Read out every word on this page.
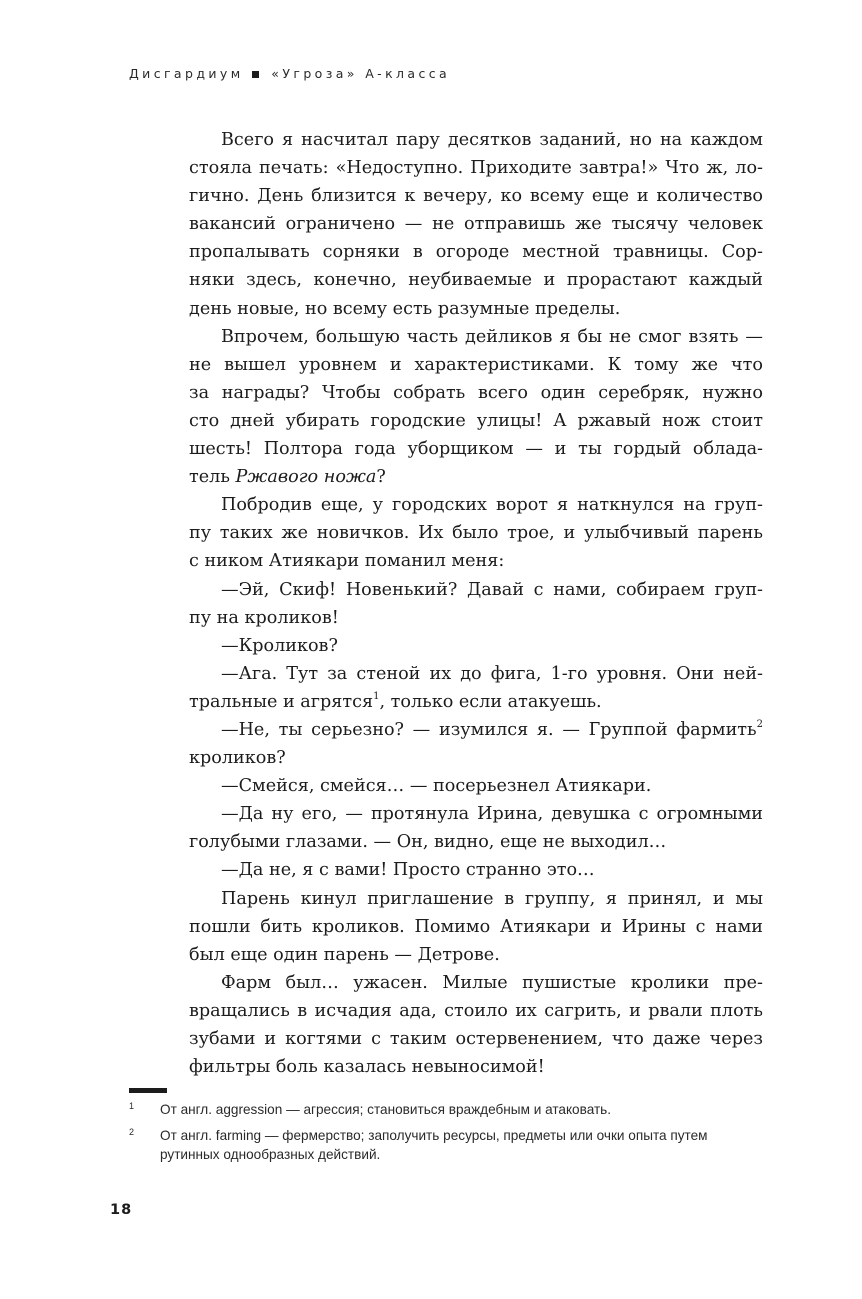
Дисгардиум «Угроза» А-класса
Всего я насчитал пару десятков заданий, но на каждом
стояла печать: «Недоступно. Приходите завтра!» Что ж, ло-
гично. День близится к вечеру, ко всему еще и количество
вакансий ограничено — не отправишь же тысячу человек
пропалывать сорняки в огороде местной травницы. Сор-
няки здесь, конечно, неубиваемые и прорастают каждый
день новые, но всему есть разумные пределы.
Впрочем, большую часть дейликов я бы не смог взять —
не вышел уровнем и характеристиками. К тому же что
за награды? Чтобы собрать всего один серебряк, нужно
сто дней убирать городские улицы! А ржавый нож стоит
шесть! Полтора года уборщиком — и ты гордый облада-
тель Ржавого ножа?
Побродив еще, у городских ворот я наткнулся на груп-
пу таких же новичков. Их было трое, и улыбчивый парень
с ником Атиякари поманил меня:
—Эй, Скиф! Новенький? Давай с нами, собираем груп-
пу на кроликов!
—Кроликов?
—Ага. Тут за стеной их до фига, 1-го уровня. Они ней-
тральные и агрятся$^1$, только если атакуешь.
—Не, ты серьезно? — изумился я. — Группой фармить$^2$
кроликов?
—Смейся, смейся… — посерьезнел Атиякари.
—Да ну его, — протянула Ирина, девушка с огромными
голубыми глазами. — Он, видно, еще не выходил…
—Да не, я с вами! Просто странно это…
Парень кинул приглашение в группу, я принял, и мы
пошли бить кроликов. Помимо Атиякари и Ирины с нами
был еще один парень — Детрове.
Фарм был… ужасен. Милые пушистые кролики пре-
вращались в исчадия ада, стоило их сагрить, и рвали плоть
зубами и когтями с таким остервенением, что даже через
фильтры боль казалась невыносимой!
1 От англ. aggression — агрессия; становиться враждебным и атаковать.
2 От англ. farming — фермерство; заполучить ресурсы, предметы или очки опыта путем рутинных однообразных действий.
18
